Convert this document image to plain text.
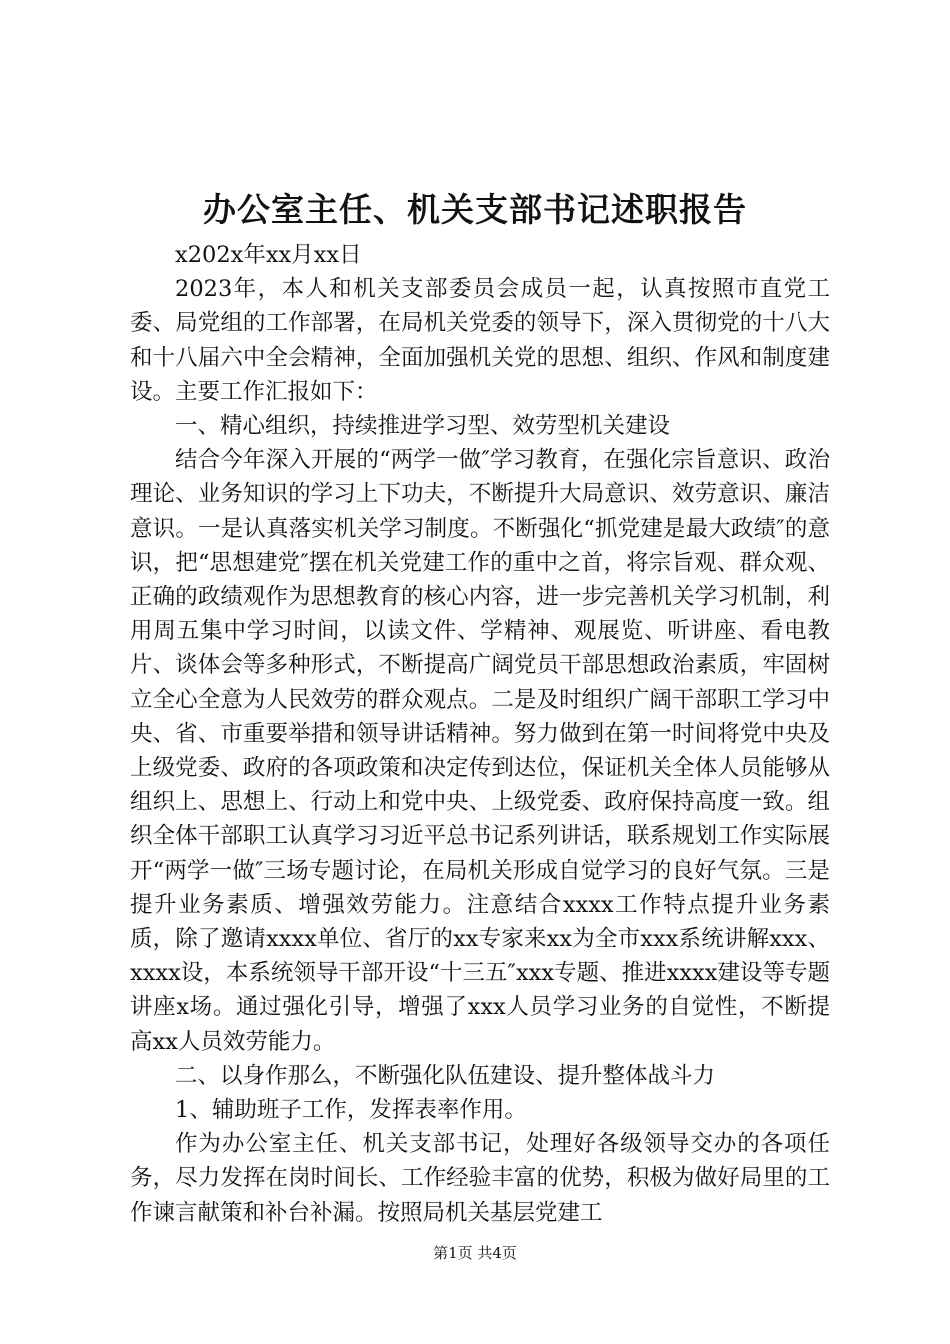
办公室主任、机关支部书记述职报告

x202x年xx月xx日

2023年，本人和机关支部委员会成员一起，认真按照市直党工委、局党组的工作部署，在局机关党委的领导下，深入贯彻党的十八大和十八届六中全会精神，全面加强机关党的思想、组织、作风和制度建设。主要工作汇报如下：

一、精心组织，持续推进学习型、效劳型机关建设

结合今年深入开展的“两学一做″学习教育，在强化宗旨意识、政治理论、业务知识的学习上下功夫，不断提升大局意识、效劳意识、廉洁意识。一是认真落实机关学习制度。不断强化“抓党建是最大政绩″的意识，把“思想建党″摆在机关党建工作的重中之首，将宗旨观、群众观、正确的政绩观作为思想教育的核心内容，进一步完善机关学习机制，利用周五集中学习时间，以读文件、学精神、观展览、听讲座、看电教片、谈体会等多种形式，不断提高广阔党员干部思想政治素质，牢固树立全心全意为人民效劳的群众观点。二是及时组织广阔干部职工学习中央、省、市重要举措和领导讲话精神。努力做到在第一时间将党中央及上级党委、政府的各项政策和决定传到达位，保证机关全体人员能够从组织上、思想上、行动上和党中央、上级党委、政府保持高度一致。组织全体干部职工认真学习习近平总书记系列讲话，联系规划工作实际展开“两学一做″三场专题讨论，在局机关形成自觉学习的良好气氛。三是提升业务素质、增强效劳能力。注意结合xxxx工作特点提升业务素质，除了邀请xxxx单位、省厅的xx专家来xx为全市xxx系统讲解xxx、xxxx设，本系统领导干部开设“十三五″xxx专题、推进xxxx建设等专题讲座x场。通过强化引导，增强了xxx人员学习业务的自觉性，不断提高xx人员效劳能力。

二、以身作那么，不断强化队伍建设、提升整体战斗力

1、辅助班子工作，发挥表率作用。

作为办公室主任、机关支部书记，处理好各级领导交办的各项任务，尽力发挥在岗时间长、工作经验丰富的优势，积极为做好局里的工作谏言献策和补台补漏。按照局机关基层党建工

第1页 共4页
